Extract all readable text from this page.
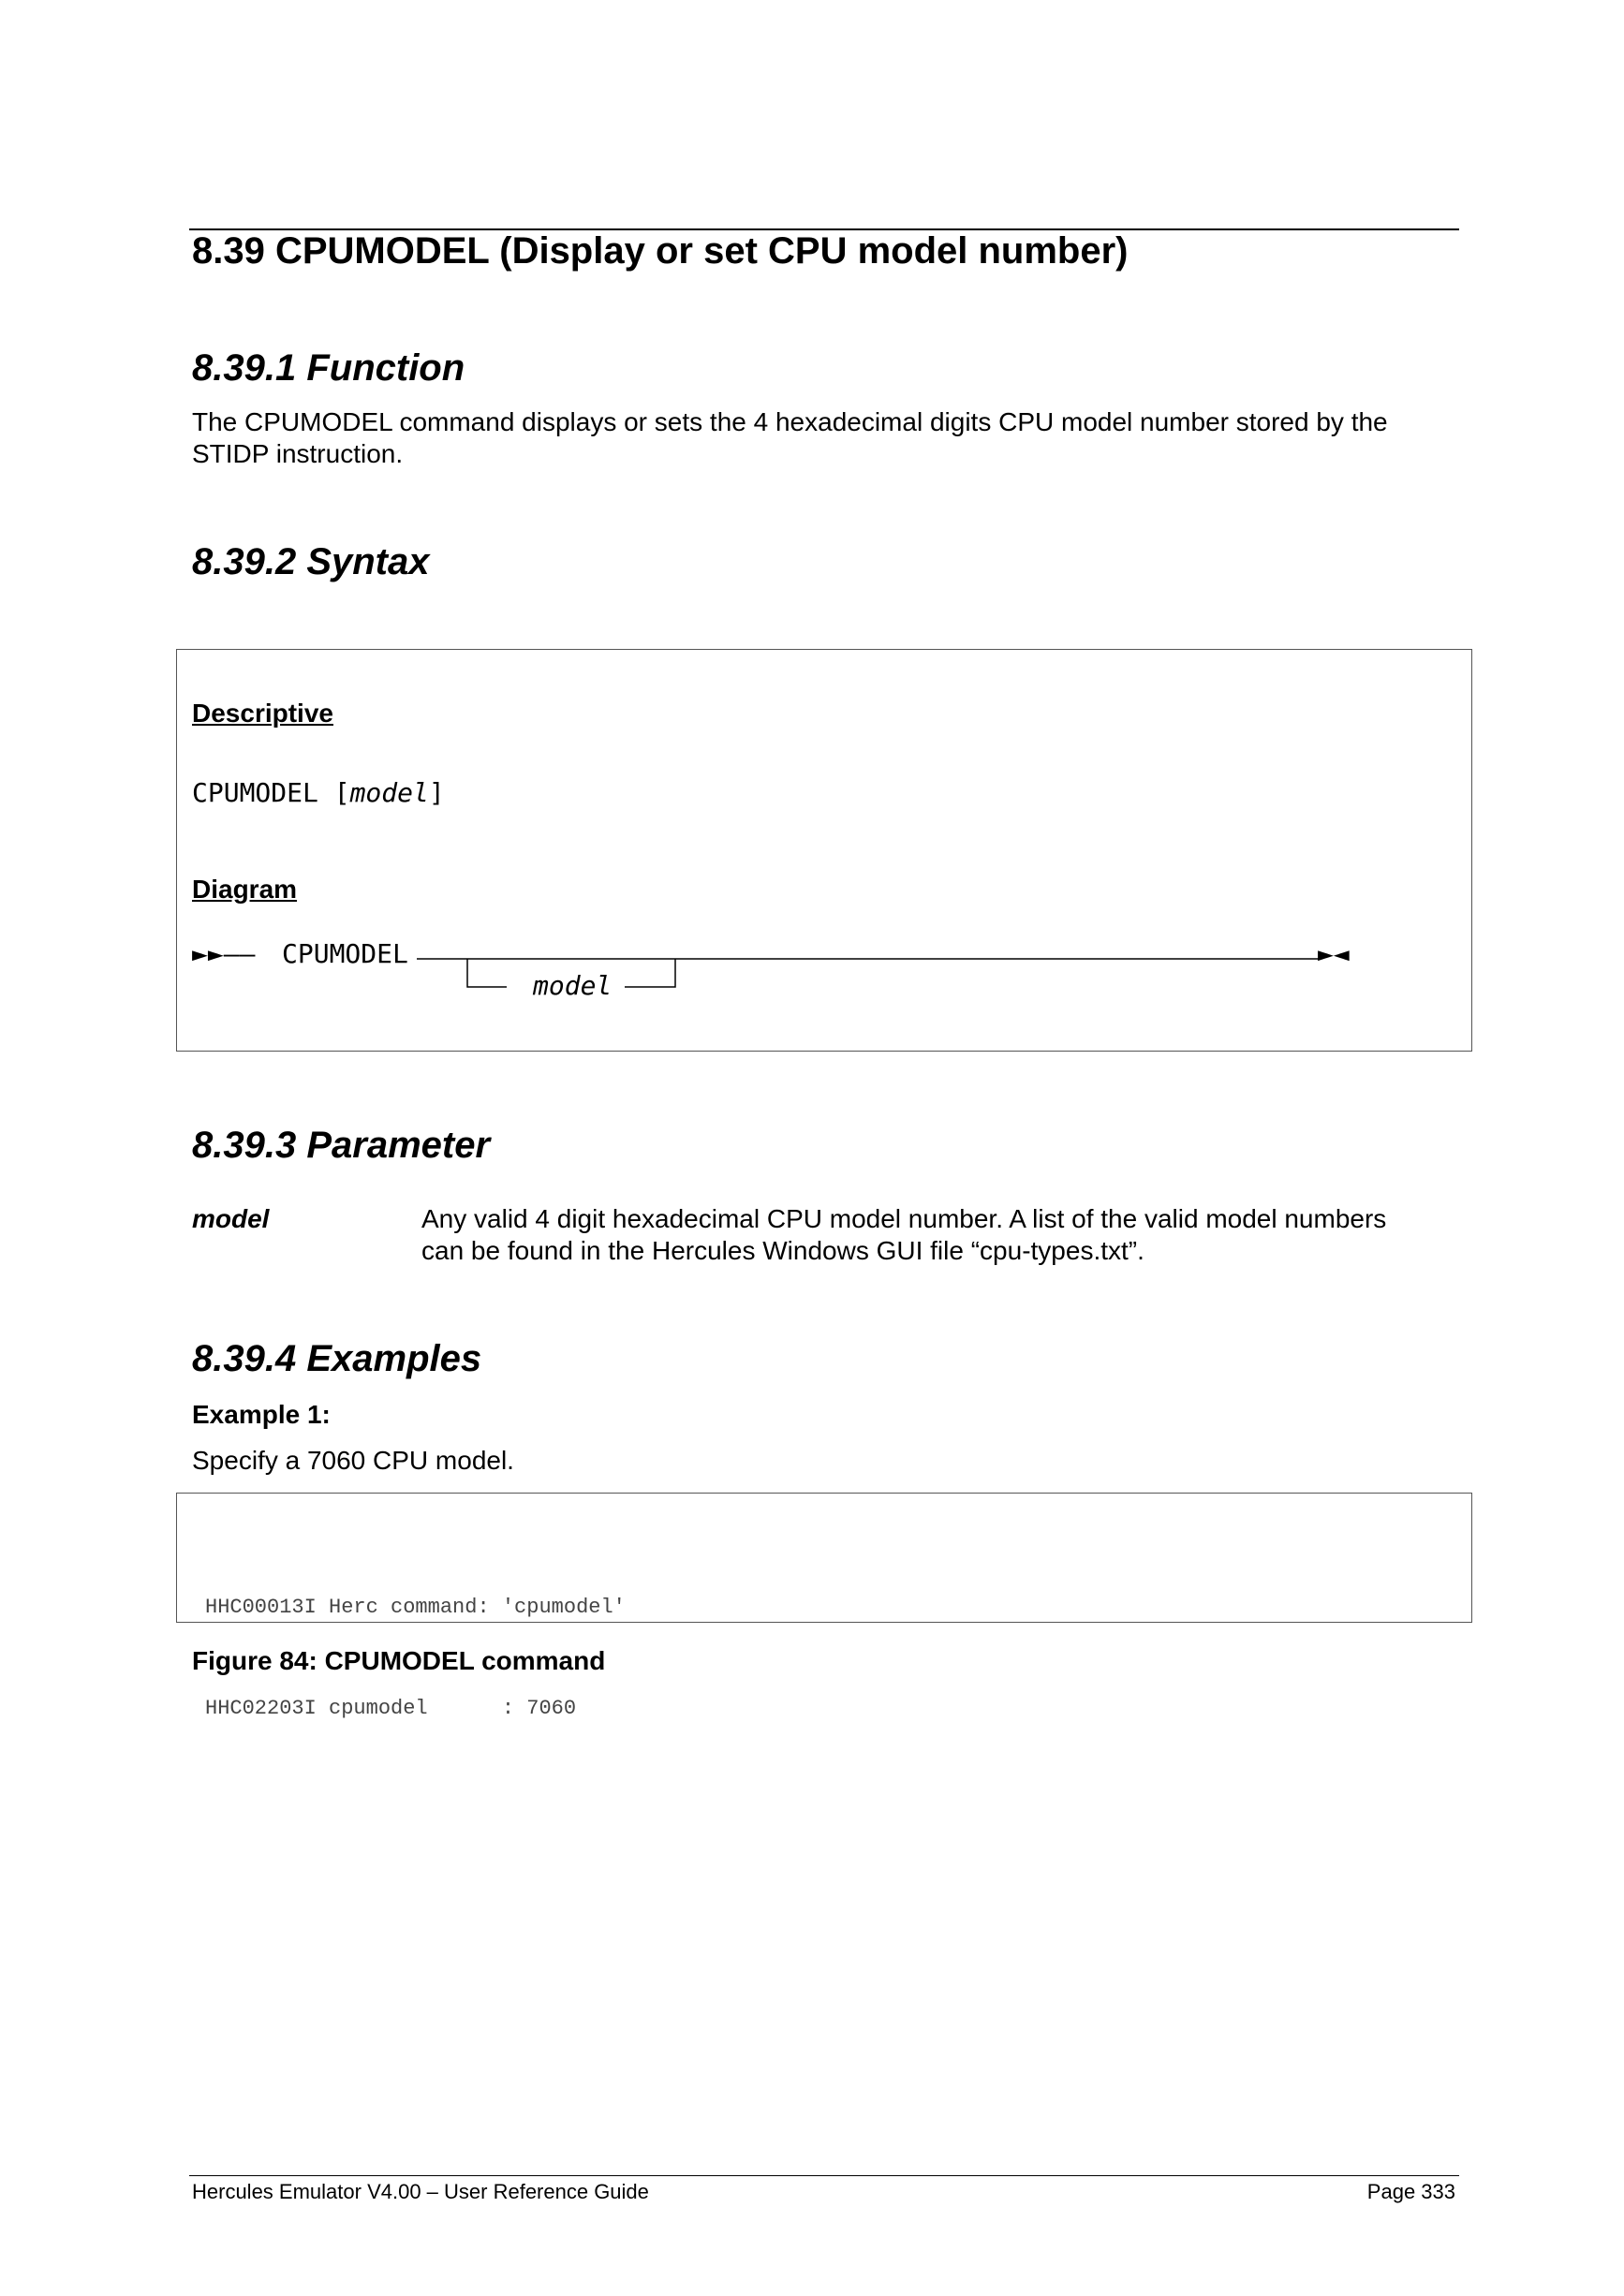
8.39 CPUMODEL (Display or set CPU model number)
8.39.1 Function
The CPUMODEL command displays or sets the 4 hexadecimal digits CPU model number stored by the
STIDP instruction.
8.39.2 Syntax
Descriptive
CPUMODEL [model]
Diagram
►►—— CPUMODEL	►◄
model
8.39.3 Parameter
model	Any valid 4 digit hexadecimal CPU model number. A list of the valid model numbers
can be found in the Hercules Windows GUI file “cpu-types.txt”.
8.39.4 Examples
Example 1:
Specify a 7060 CPU model.

HHC00013I Herc command: 'cpumodel'

HHC02203I cpumodel      : 7060

Figure 84: CPUMODEL command
Hercules Emulator V4.00 – User Reference Guide	Page 333
